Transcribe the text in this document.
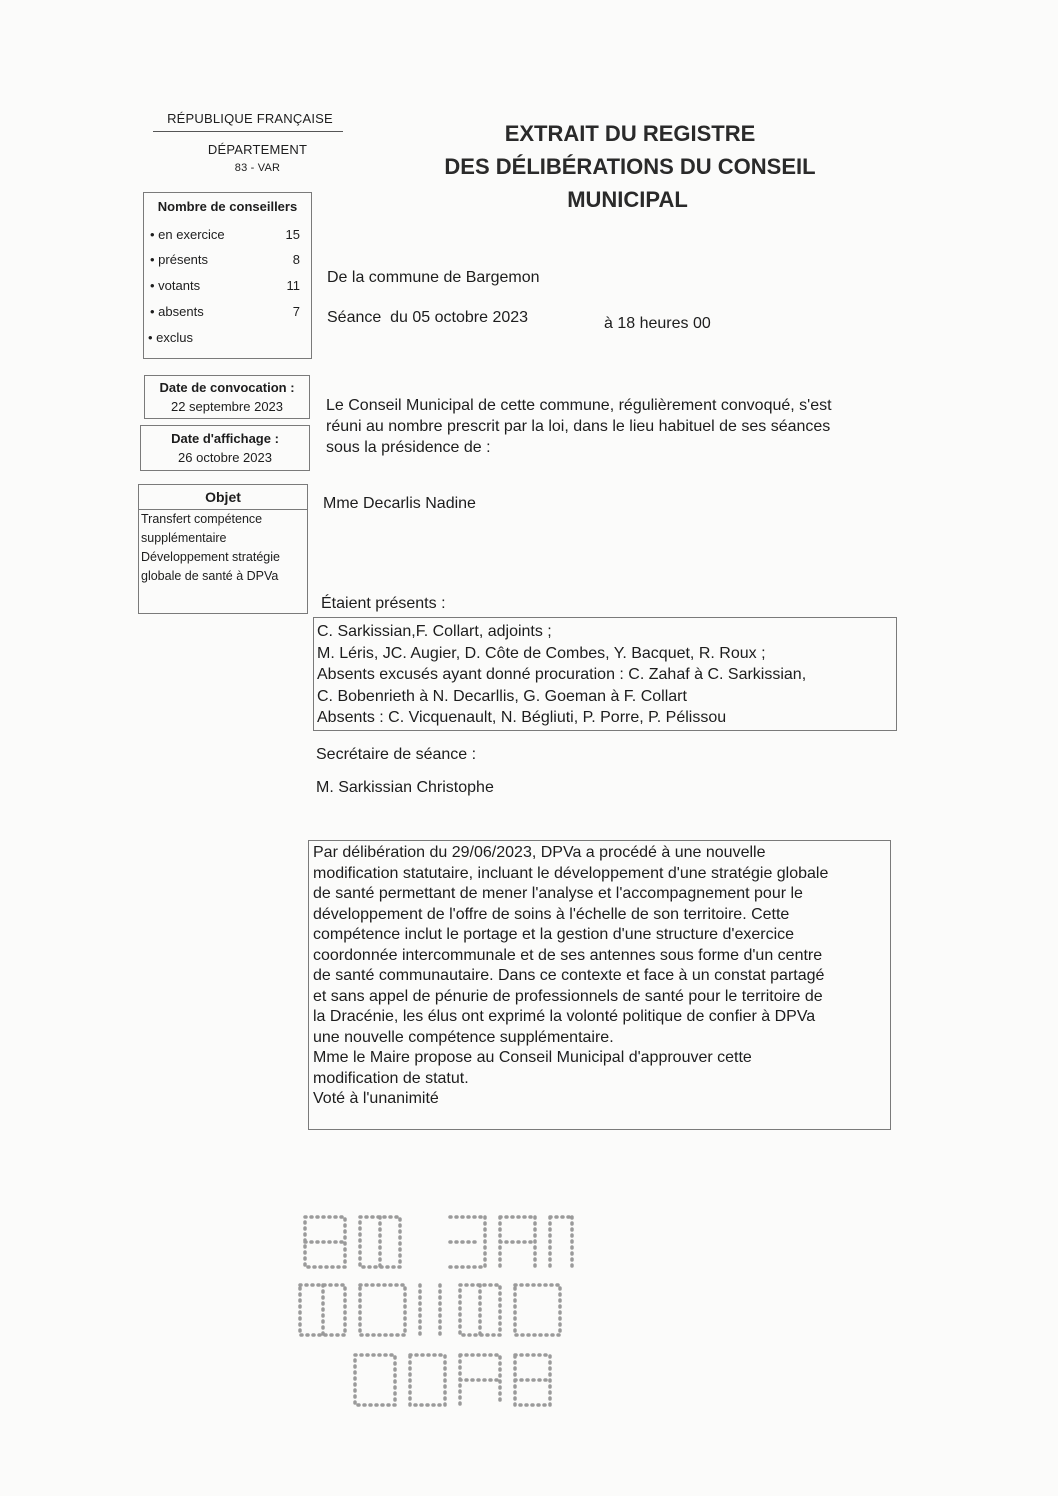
RÉPUBLIQUE FRANÇAISE
DÉPARTEMENT
83 - VAR
EXTRAIT DU REGISTRE
DES DÉLIBÉRATIONS DU CONSEIL
MUNICIPAL
Nombre de conseillers
• en exercice	15
• présents	8
• votants	11
• absents	7
• exclus
Date de convocation :
22 septembre 2023
Date d'affichage :
26 octobre 2023
Objet
Transfert compétence
supplémentaire
Développement stratégie
globale de santé à DPVa
De la commune de Bargemon
Séance  du 05 octobre 2023	à 18 heures 00
Le Conseil Municipal de cette commune, régulièrement convoqué, s'est
réuni au nombre prescrit par la loi, dans le lieu habituel de ses séances
sous la présidence de :
Mme Decarlis Nadine
Étaient présents :
C. Sarkissian,F. Collart, adjoints ;
M. Léris, JC. Augier, D. Côte de Combes, Y. Bacquet, R. Roux ;
Absents excusés ayant donné procuration : C. Zahaf à C. Sarkissian,
C. Bobenrieth à N. Decarllis, G. Goeman à F. Collart
Absents : C. Vicquenault, N. Bégliuti, P. Porre, P. Pélissou
Secrétaire de séance :
M. Sarkissian Christophe
Par délibération du 29/06/2023, DPVa a procédé à une nouvelle
modification statutaire, incluant le développement d'une stratégie globale
de santé permettant de mener l'analyse et l'accompagnement pour le
développement de l'offre de soins à l'échelle de son territoire. Cette
compétence inclut le portage et la gestion d'une structure d'exercice
coordonnée intercommunale et de ses antennes sous forme d'un centre
de santé communautaire. Dans ce contexte et face à un constat partagé
et sans appel de pénurie de professionnels de santé pour le territoire de
la Dracénie, les élus ont exprimé la volonté politique de confier à DPVa
une nouvelle compétence supplémentaire.
Mme le Maire propose au Conseil Municipal d'approuver cette
modification de statut.
Voté à l'unanimité
